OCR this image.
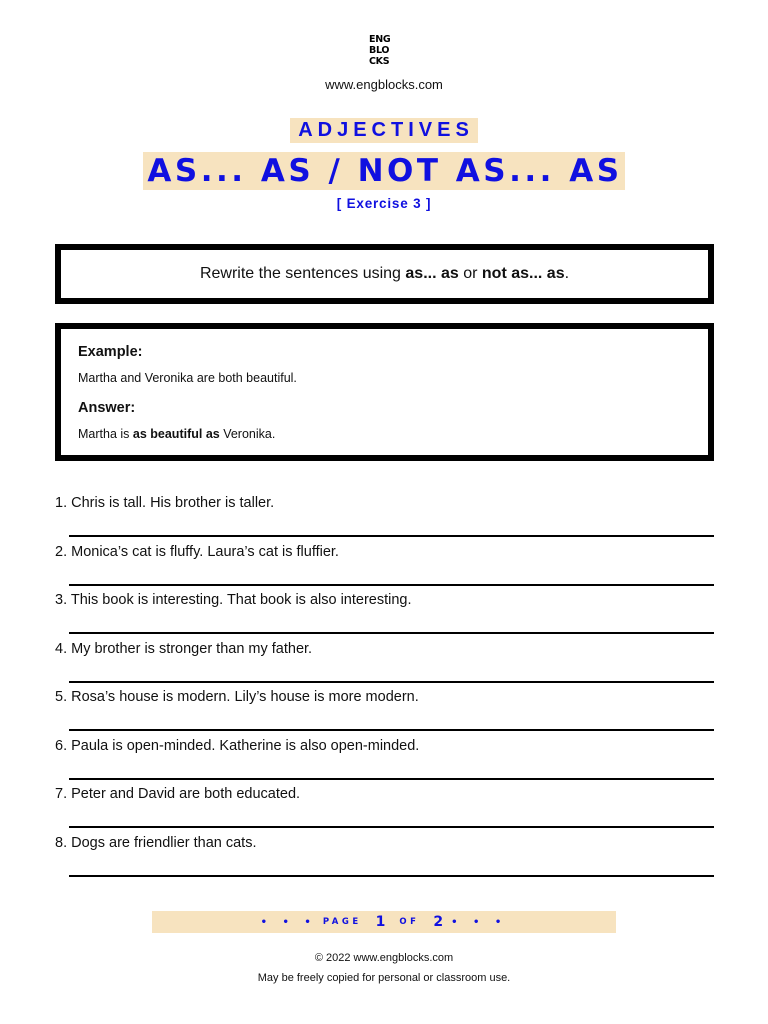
ENG
BLO
CKS
www.engblocks.com
ADJECTIVES
AS... AS / NOT AS... AS
[ Exercise 3 ]
Rewrite the sentences using as... as or not as... as.
Example:
Martha and Veronika are both beautiful.
Answer:
Martha is as beautiful as Veronika.
1. Chris is tall. His brother is taller.
2. Monica’s cat is fluffy. Laura’s cat is fluffier.
3. This book is interesting. That book is also interesting.
4. My brother is stronger than my father.
5. Rosa’s house is modern. Lily’s house is more modern.
6. Paula is open-minded. Katherine is also open-minded.
7. Peter and David are both educated.
8. Dogs are friendlier than cats.
• • • PAGE 1 OF 2 • • •
© 2022 www.engblocks.com
May be freely copied for personal or classroom use.
